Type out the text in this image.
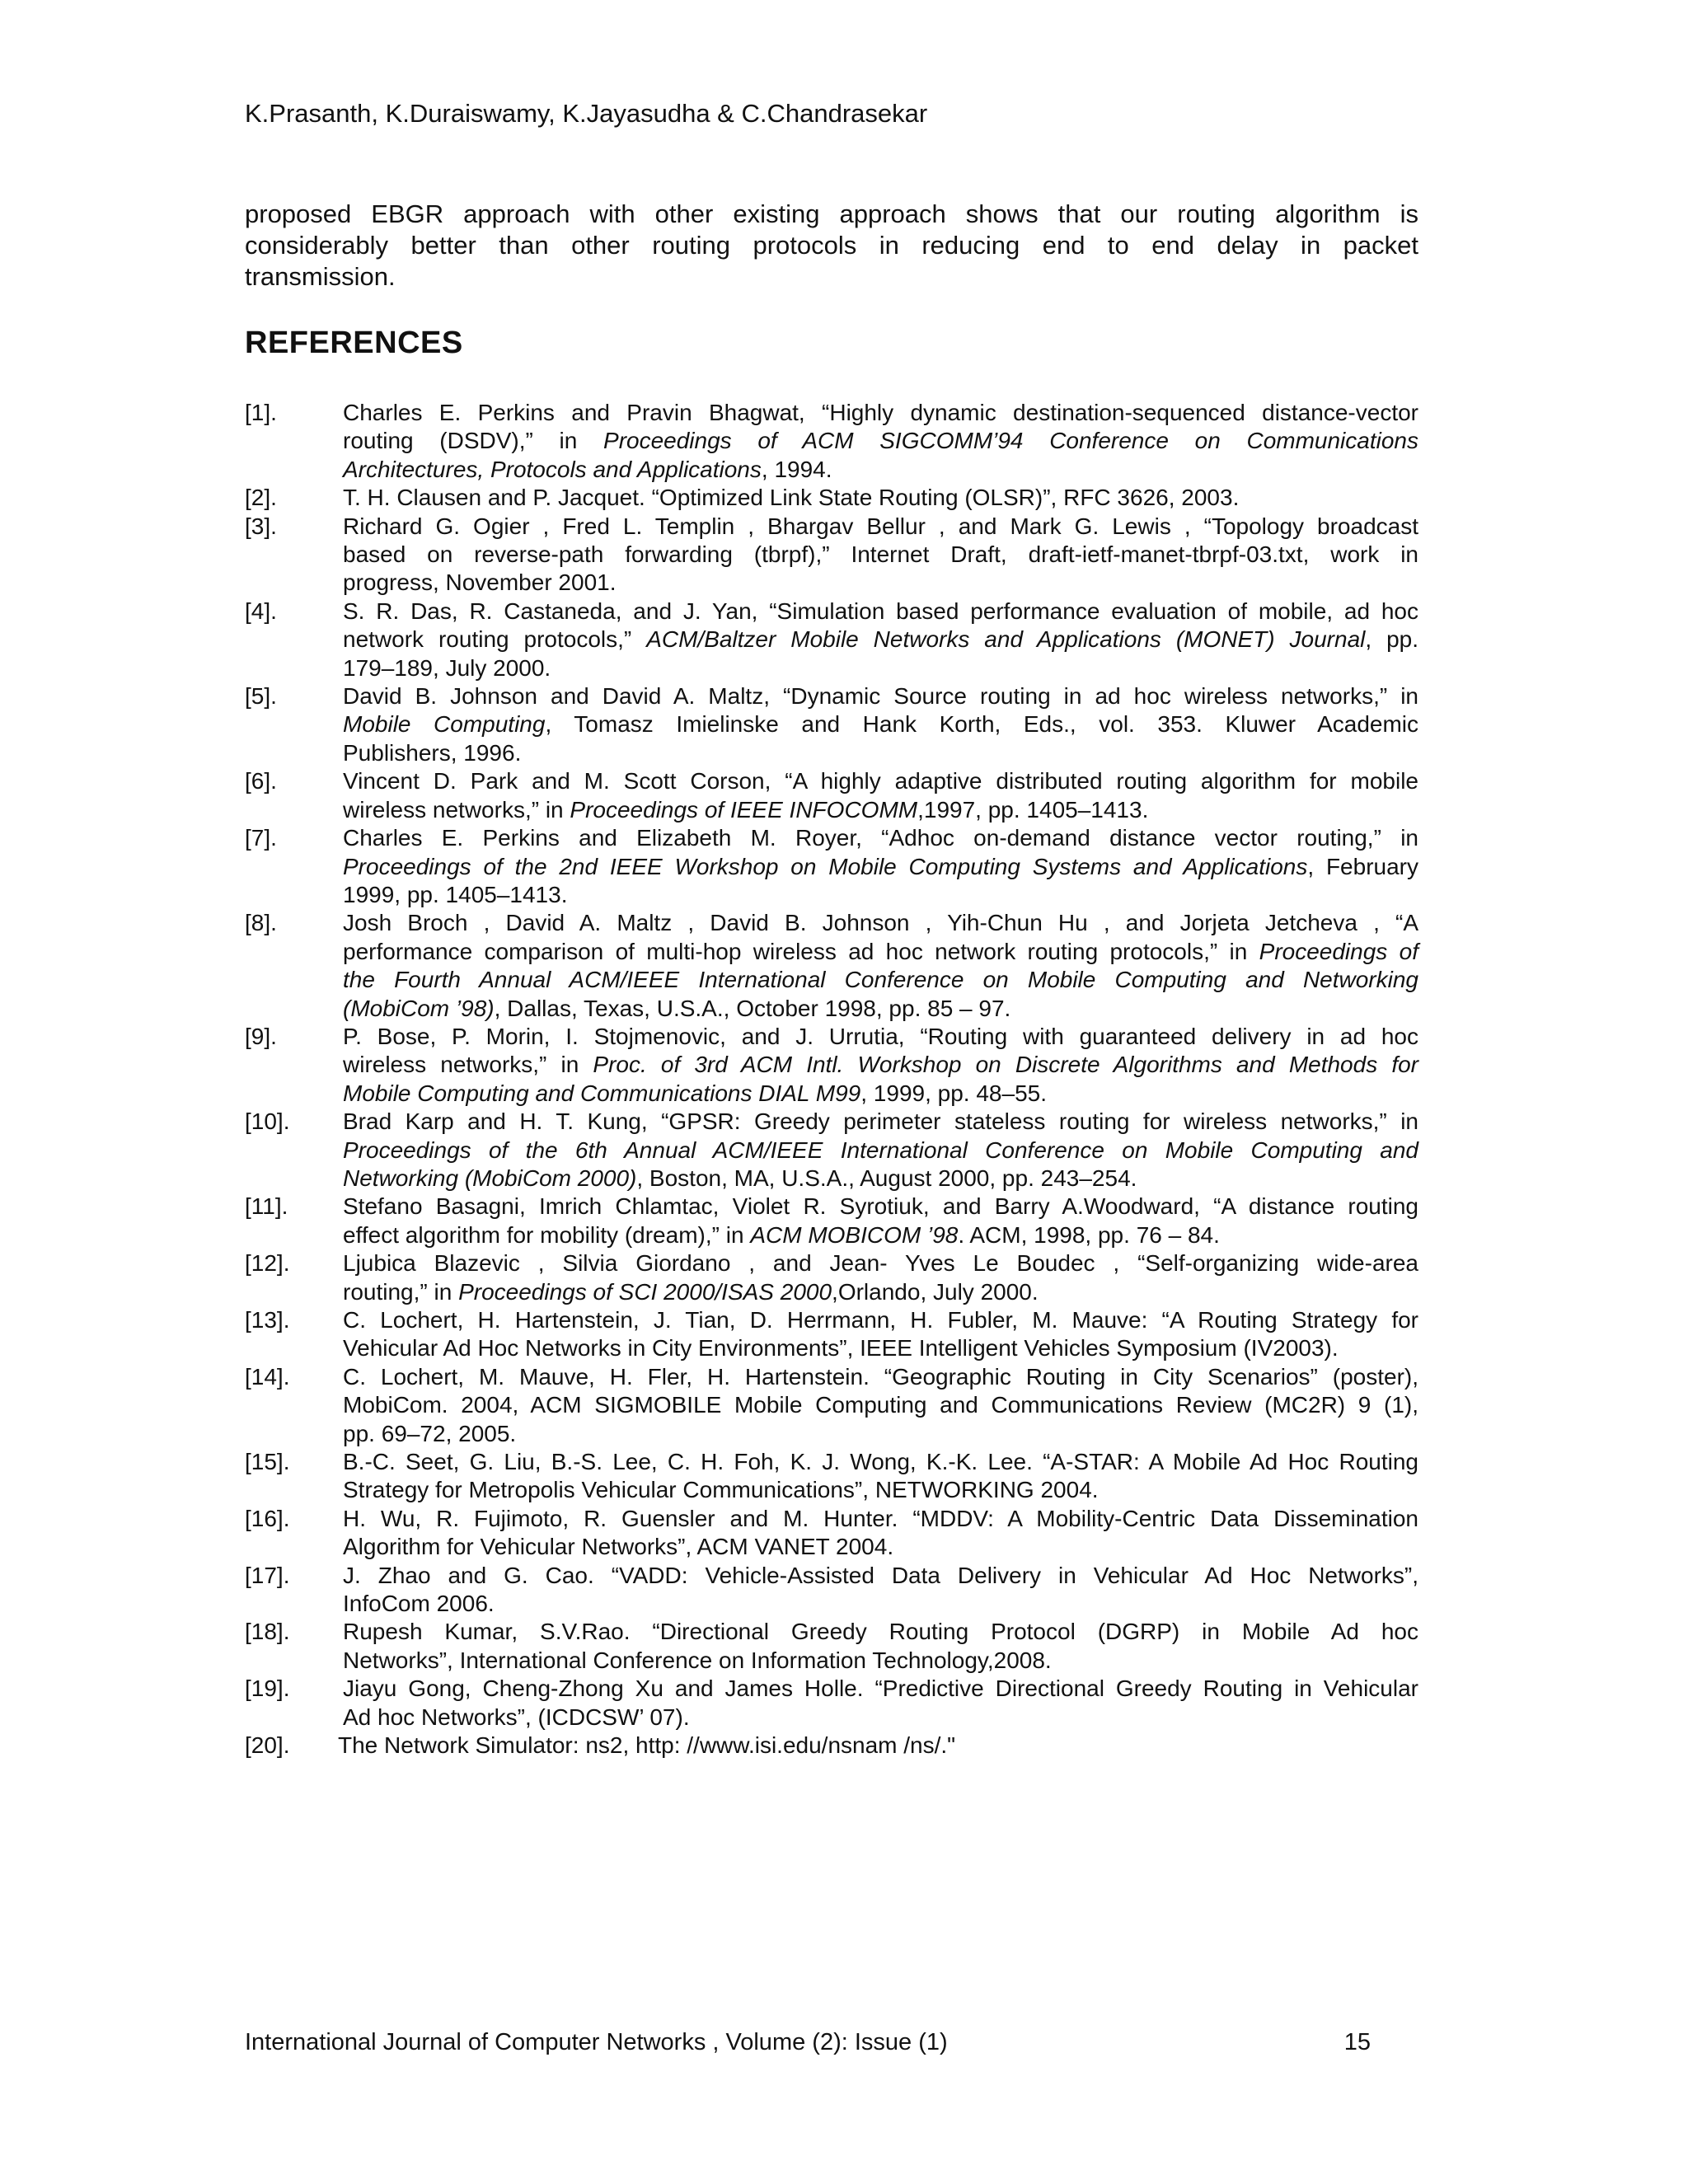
K.Prasanth, K.Duraiswamy, K.Jayasudha & C.Chandrasekar
proposed EBGR approach with other existing approach shows that our routing algorithm is
considerably better than other routing protocols in reducing end to end delay in packet
transmission.
REFERENCES
[1].	Charles E. Perkins and Pravin Bhagwat, “Highly dynamic destination-sequenced distance-vector
routing (DSDV),” in Proceedings of ACM SIGCOMM’94 Conference on Communications
Architectures, Protocols and Applications, 1994.
[2].	T. H. Clausen and P. Jacquet. “Optimized Link State Routing (OLSR)”, RFC 3626, 2003.
[3].	Richard G. Ogier , Fred L. Templin , Bhargav Bellur , and Mark G. Lewis , “Topology broadcast
based on reverse-path forwarding (tbrpf),” Internet Draft, draft-ietf-manet-tbrpf-03.txt, work in
progress, November 2001.
[4].	S. R. Das, R. Castaneda, and J. Yan, “Simulation based performance evaluation of mobile, ad hoc
network routing protocols,” ACM/Baltzer Mobile Networks and Applications (MONET) Journal, pp.
179–189, July 2000.
[5].	David B. Johnson and David A. Maltz, “Dynamic Source routing in ad hoc wireless networks,” in
Mobile Computing, Tomasz Imielinske and Hank Korth, Eds., vol. 353. Kluwer Academic
Publishers, 1996.
[6].	Vincent D. Park and M. Scott Corson, “A highly adaptive distributed routing algorithm for mobile
wireless networks,” in Proceedings of IEEE INFOCOMM,1997, pp. 1405–1413.
[7].	Charles E. Perkins and Elizabeth M. Royer, “Adhoc on-demand distance vector routing,” in
Proceedings of the 2nd IEEE Workshop on Mobile Computing Systems and Applications, February
1999, pp. 1405–1413.
[8].	Josh Broch , David A. Maltz , David B. Johnson , Yih-Chun Hu , and Jorjeta Jetcheva , “A
performance comparison of multi-hop wireless ad hoc network routing protocols,” in Proceedings of
the Fourth Annual ACM/IEEE International Conference on Mobile Computing and Networking
(MobiCom ’98), Dallas, Texas, U.S.A., October 1998, pp. 85 – 97.
[9].	P. Bose, P. Morin, I. Stojmenovic, and J. Urrutia, “Routing with guaranteed delivery in ad hoc
wireless networks,” in Proc. of 3rd ACM Intl. Workshop on Discrete Algorithms and Methods for
Mobile Computing and Communications DIAL M99, 1999, pp. 48–55.
[10]. Brad Karp and H. T. Kung, “GPSR: Greedy perimeter stateless routing for wireless networks,” in
Proceedings of the 6th Annual ACM/IEEE International Conference on Mobile Computing and
Networking (MobiCom 2000), Boston, MA, U.S.A., August 2000, pp. 243–254.
[11]. Stefano Basagni, Imrich Chlamtac, Violet R. Syrotiuk, and Barry A.Woodward, “A distance routing
effect algorithm for mobility (dream),” in ACM MOBICOM ’98. ACM, 1998, pp. 76 – 84.
[12]. Ljubica Blazevic , Silvia Giordano , and Jean- Yves Le Boudec , “Self-organizing wide-area
routing,” in Proceedings of SCI 2000/ISAS 2000,Orlando, July 2000.
[13]. C. Lochert, H. Hartenstein, J. Tian, D. Herrmann, H. Fubler, M. Mauve: “A Routing Strategy for
Vehicular Ad Hoc Networks in City Environments”, IEEE Intelligent Vehicles Symposium (IV2003).
[14]. C. Lochert, M. Mauve, H. Fler, H. Hartenstein. “Geographic Routing in City Scenarios” (poster),
MobiCom. 2004, ACM SIGMOBILE Mobile Computing and Communications Review (MC2R) 9 (1),
pp. 69–72, 2005.
[15]. B.-C. Seet, G. Liu, B.-S. Lee, C. H. Foh, K. J. Wong, K.-K. Lee. “A-STAR: A Mobile Ad Hoc Routing
Strategy for Metropolis Vehicular Communications”, NETWORKING 2004.
[16]. H. Wu, R. Fujimoto, R. Guensler and M. Hunter. “MDDV: A Mobility-Centric Data Dissemination
Algorithm for Vehicular Networks”, ACM VANET 2004.
[17]. J. Zhao and G. Cao. “VADD: Vehicle-Assisted Data Delivery in Vehicular Ad Hoc Networks”,
InfoCom 2006.
[18]. Rupesh Kumar, S.V.Rao. “Directional Greedy Routing Protocol (DGRP) in Mobile Ad hoc
Networks”, International Conference on Information Technology,2008.
[19]. Jiayu Gong, Cheng-Zhong Xu and James Holle. “Predictive Directional Greedy Routing in Vehicular
Ad hoc Networks”, (ICDCSW’ 07).
[20]. The Network Simulator: ns2, http: //www.isi.edu/nsnam /ns/."
International Journal of Computer Networks , Volume (2): Issue (1)	15
